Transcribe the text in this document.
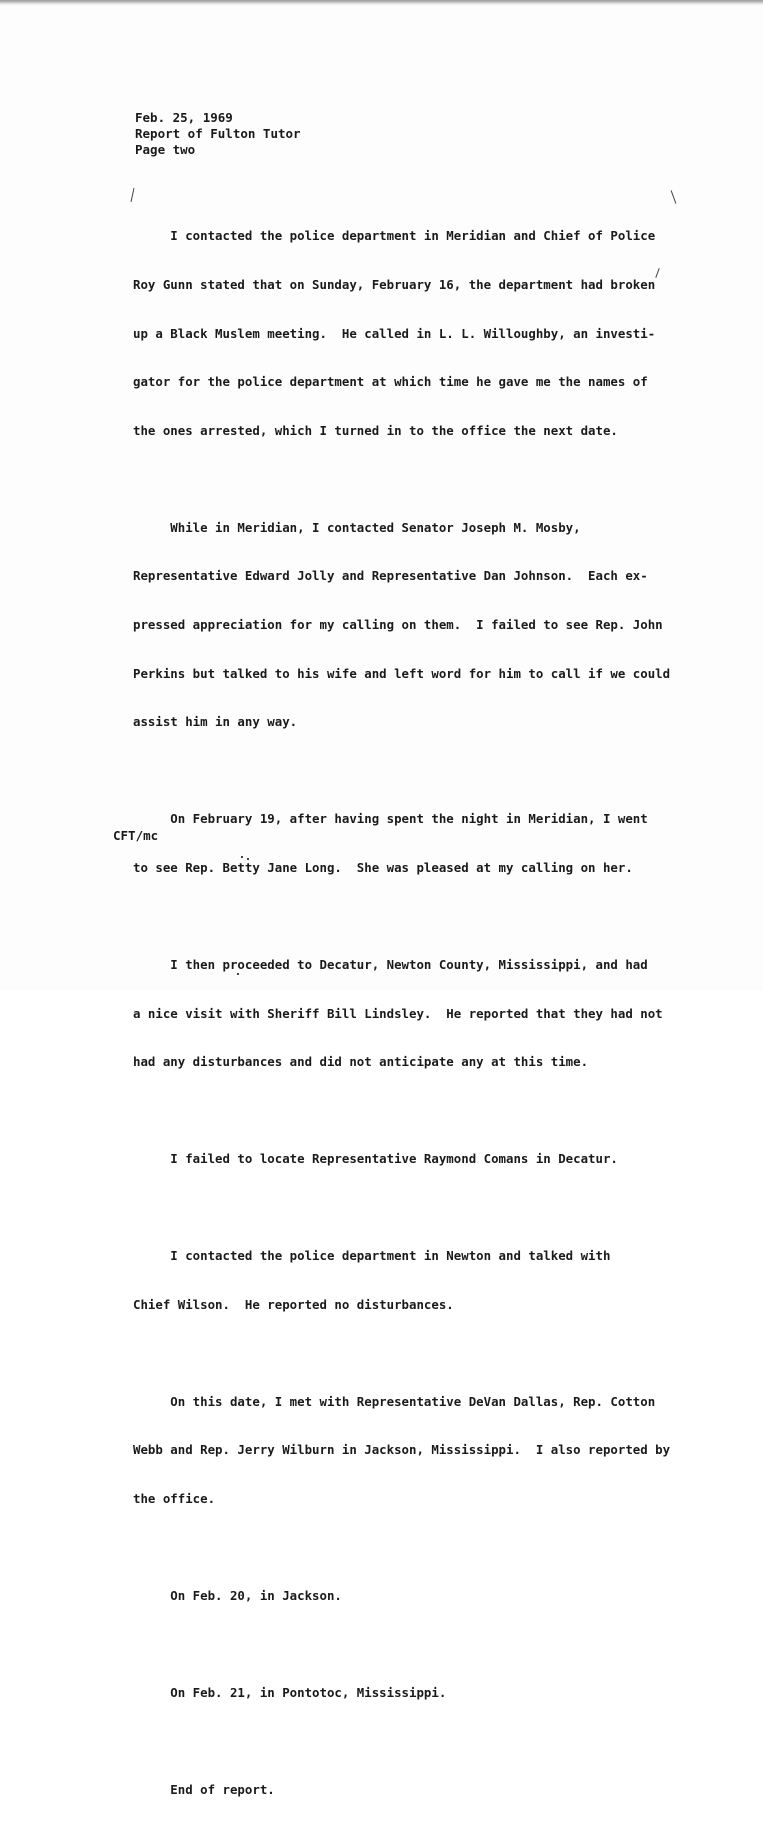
Feb. 25, 1969
Report of Fulton Tutor
Page two

I contacted the police department in Meridian and Chief of Police

Roy Gunn stated that on Sunday, February 16, the department had broken

up a Black Muslem meeting.  He called in L. L. Willoughby, an investi-

gator for the police department at which time he gave me the names of

the ones arrested, which I turned in to the office the next date.

While in Meridian, I contacted Senator Joseph M. Mosby,

Representative Edward Jolly and Representative Dan Johnson.  Each ex-

pressed appreciation for my calling on them.  I failed to see Rep. John

Perkins but talked to his wife and left word for him to call if we could

assist him in any way.

On February 19, after having spent the night in Meridian, I went

to see Rep. Betty Jane Long.  She was pleased at my calling on her.

I then proceeded to Decatur, Newton County, Mississippi, and had

a nice visit with Sheriff Bill Lindsley.  He reported that they had not

had any disturbances and did not anticipate any at this time.

I failed to locate Representative Raymond Comans in Decatur.

I contacted the police department in Newton and talked with

Chief Wilson.  He reported no disturbances.

On this date, I met with Representative DeVan Dallas, Rep. Cotton

Webb and Rep. Jerry Wilburn in Jackson, Mississippi.  I also reported by

the office.

On Feb. 20, in Jackson.

On Feb. 21, in Pontotoc, Mississippi.

End of report.

CFT/mc
